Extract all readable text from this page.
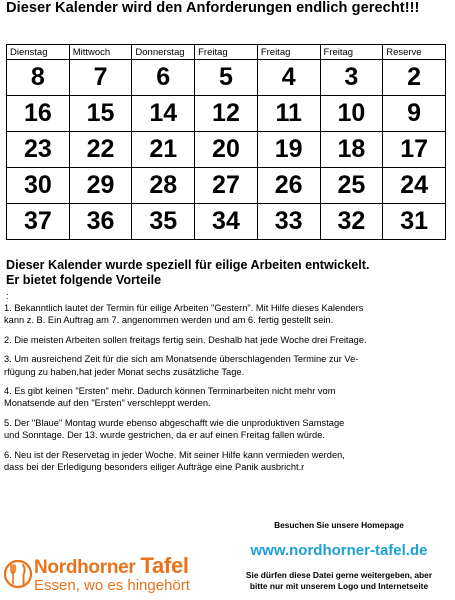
Dieser Kalender wird den Anforderungen endlich gerecht!!!
Dienstag	Mittwoch	Donnerstag	Freitag	Freitag	Freitag	Reserve
8	7	6	5	4	3	2
16	15	14	12	11	10	9
23	22	21	20	19	18	17
30	29	28	27	26	25	24
37	36	35	34	33	32	31
Dieser Kalender wurde speziell für eilige Arbeiten entwickelt.
Er bietet folgende Vorteile
:

1. Bekanntlich lautet der Termin für eilige Arbeiten "Gestern". Mit Hilfe dieses Kalenders
kann z. B. Ein Auftrag am 7. angenommen werden und am 6. fertig gestellt sein.

2. Die meisten Arbeiten sollen freitags fertig sein. Deshalb hat jede Woche drei Freitage.

3. Um ausreichend Zeit für die sich am Monatsende überschlagenden Termine zur Ve-
rfügung zu haben,hat jeder Monat sechs zusätzliche Tage.

4. Es gibt keinen "Ersten" mehr. Dadurch können Terminarbeiten nicht mehr vom
Monatsende auf den "Ersten" verschleppt werden.

5. Der "Blaue" Montag wurde ebenso abgeschafft wie die unproduktiven Samstage
und Sonntage. Der 13. wurde gestrichen, da er auf einen Freitag fallen würde.

6. Neu ist der Reservetag in jeder Woche. Mit seiner Hilfe kann vermieden werden,
dass bei der Erledigung besonders eiliger Aufträge eine Panik ausbricht.r

Besuchen Sie unsere Homepage
www.nordhorner-tafel.de
Sie dürfen diese Datei gerne weitergeben, aber
bitte nur mit unserem Logo und Internetseite
Nordhorner Tafel
Essen, wo es hingehört
